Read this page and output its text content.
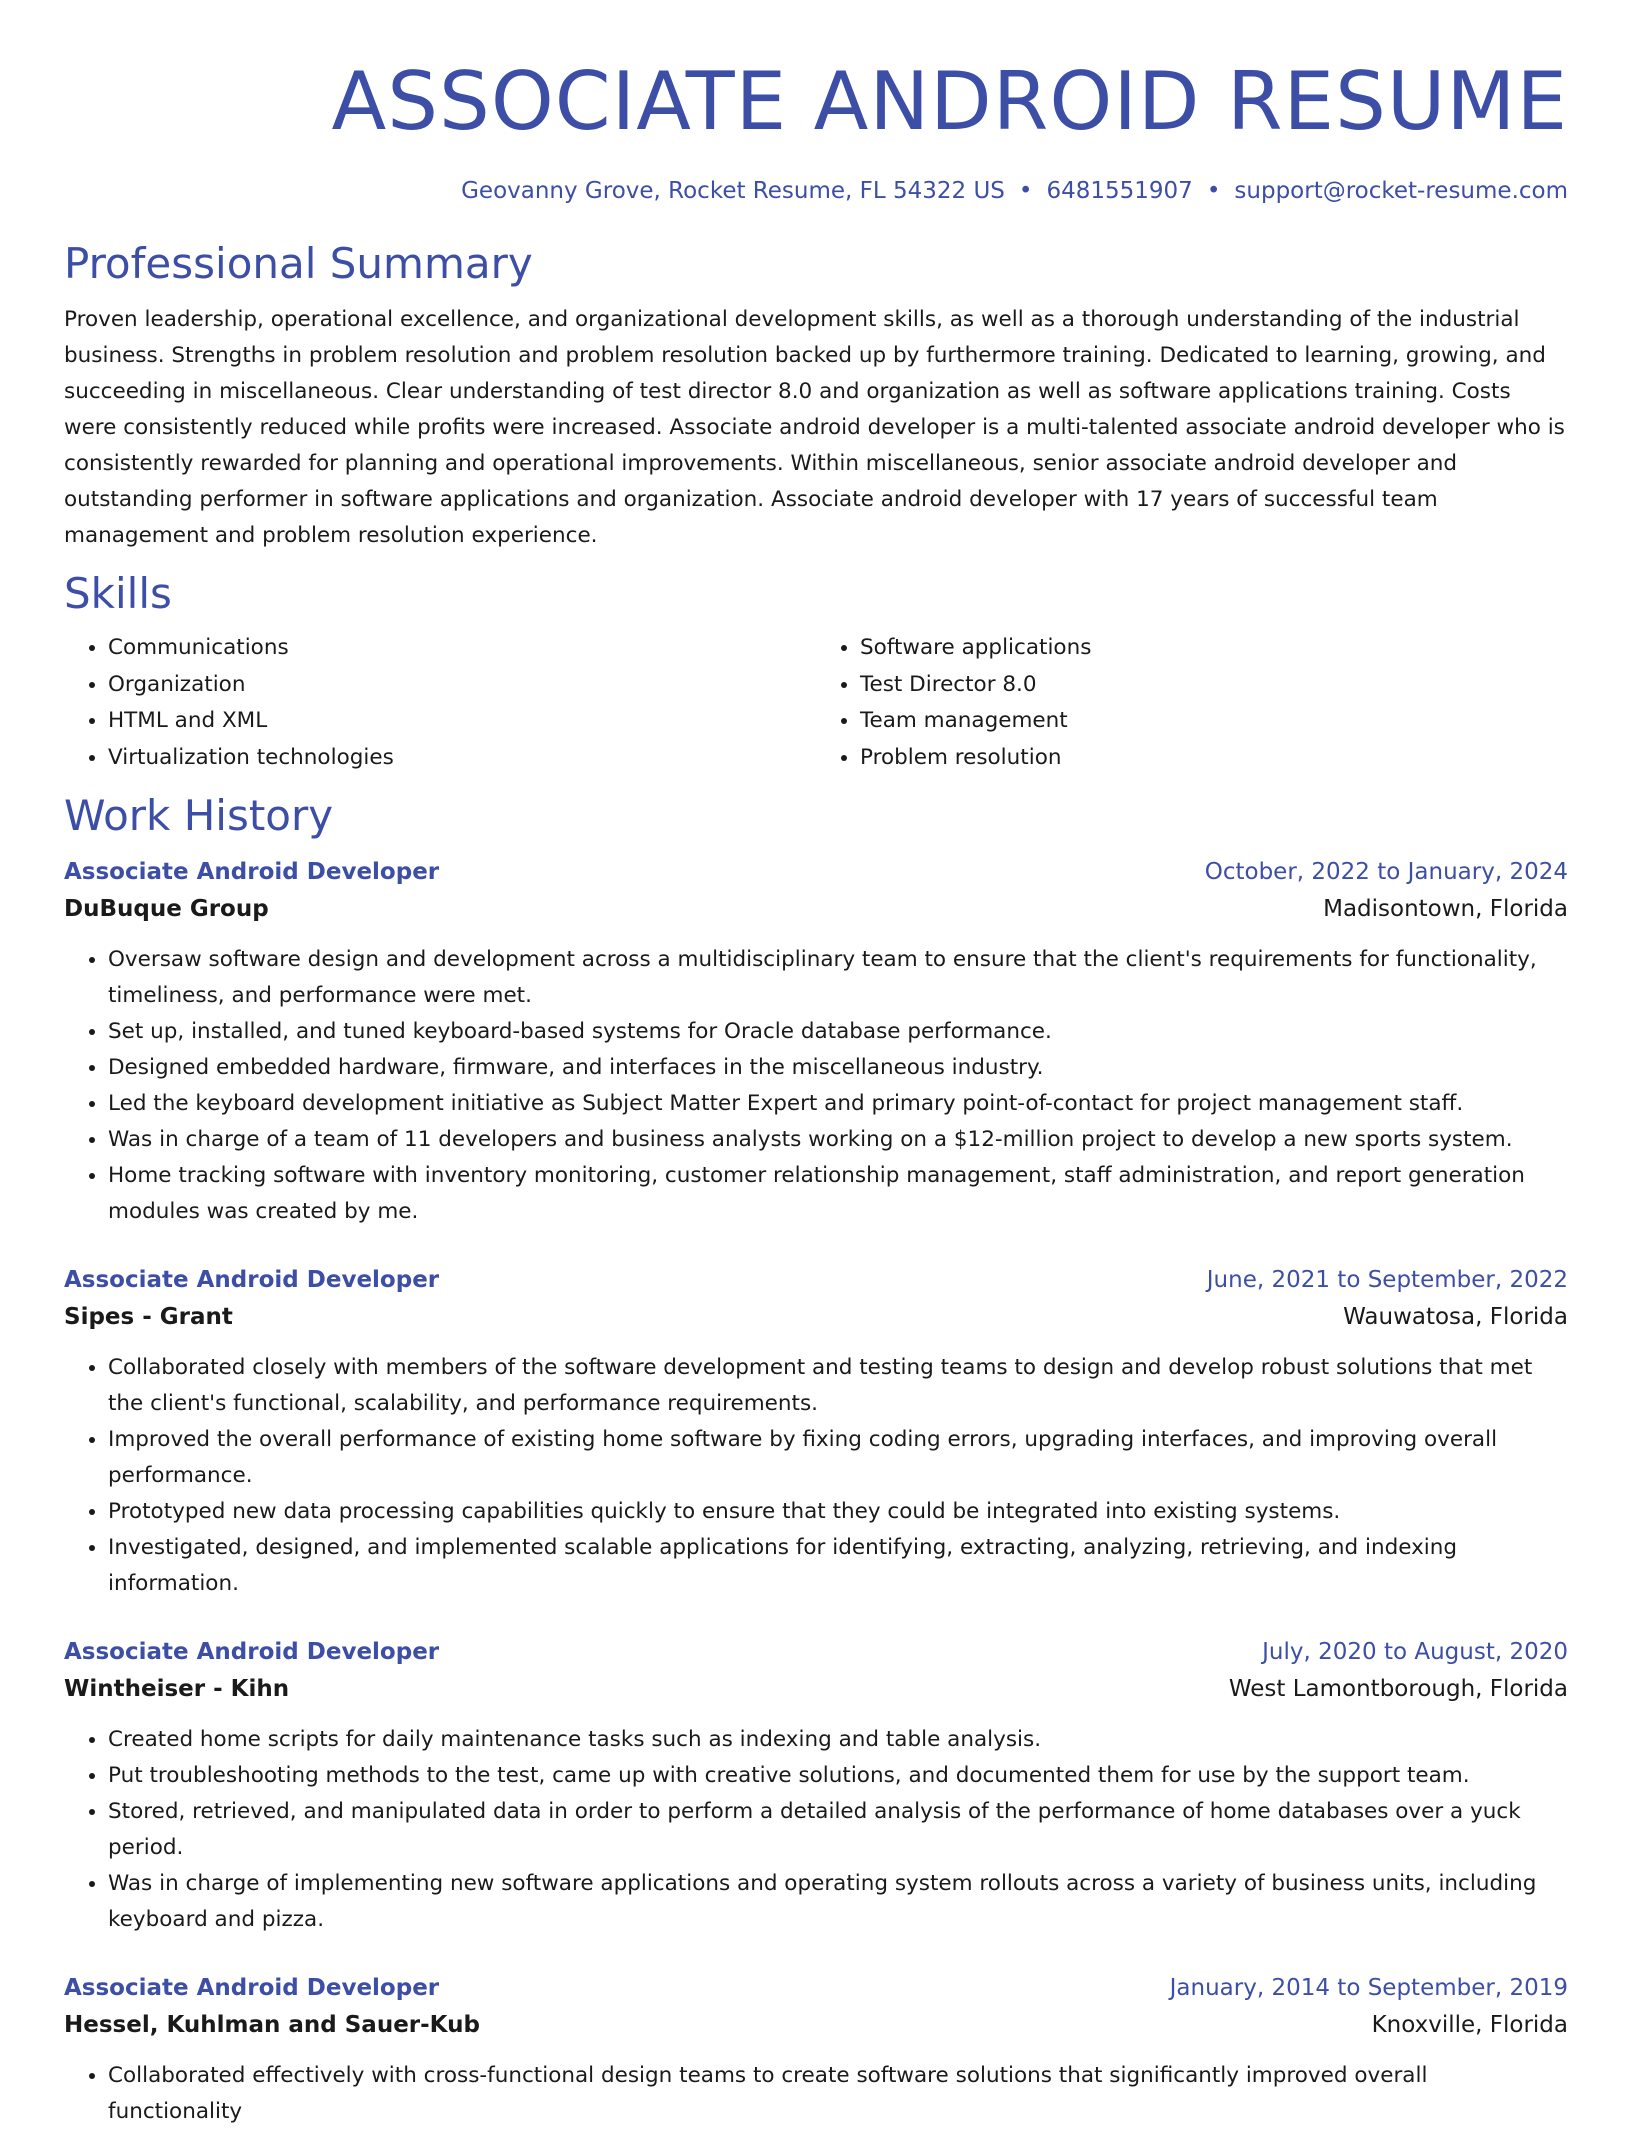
ASSOCIATE ANDROID RESUME
Geovanny Grove, Rocket Resume, FL 54322 US • 6481551907 • support@rocket-resume.com
Professional Summary

Proven leadership, operational excellence, and organizational development skills, as well as a thorough understanding of the industrial business. Strengths in problem resolution and problem resolution backed up by furthermore training. Dedicated to learning, growing, and succeeding in miscellaneous. Clear understanding of test director 8.0 and organization as well as software applications training. Costs were consistently reduced while profits were increased. Associate android developer is a multi-talented associate android developer who is consistently rewarded for planning and operational improvements. Within miscellaneous, senior associate android developer and outstanding performer in software applications and organization. Associate android developer with 17 years of successful team management and problem resolution experience.

Skills
• Communications
• Organization
• HTML and XML
• Virtualization technologies
• Software applications
• Test Director 8.0
• Team management
• Problem resolution
Work History
Associate Android Developer	October, 2022 to January, 2024
DuBuque Group	Madisontown, Florida
• Oversaw software design and development across a multidisciplinary team to ensure that the client's requirements for functionality, timeliness, and performance were met.
• Set up, installed, and tuned keyboard-based systems for Oracle database performance.
• Designed embedded hardware, firmware, and interfaces in the miscellaneous industry.
• Led the keyboard development initiative as Subject Matter Expert and primary point-of-contact for project management staff.
• Was in charge of a team of 11 developers and business analysts working on a $12-million project to develop a new sports system.
• Home tracking software with inventory monitoring, customer relationship management, staff administration, and report generation modules was created by me.
Associate Android Developer	June, 2021 to September, 2022
Sipes - Grant	Wauwatosa, Florida
• Collaborated closely with members of the software development and testing teams to design and develop robust solutions that met the client's functional, scalability, and performance requirements.
• Improved the overall performance of existing home software by fixing coding errors, upgrading interfaces, and improving overall performance.
• Prototyped new data processing capabilities quickly to ensure that they could be integrated into existing systems.
• Investigated, designed, and implemented scalable applications for identifying, extracting, analyzing, retrieving, and indexing information.
Associate Android Developer	July, 2020 to August, 2020
Wintheiser - Kihn	West Lamontborough, Florida
• Created home scripts for daily maintenance tasks such as indexing and table analysis.
• Put troubleshooting methods to the test, came up with creative solutions, and documented them for use by the support team.
• Stored, retrieved, and manipulated data in order to perform a detailed analysis of the performance of home databases over a yuck period.
• Was in charge of implementing new software applications and operating system rollouts across a variety of business units, including keyboard and pizza.
Associate Android Developer	January, 2014 to September, 2019
Hessel, Kuhlman and Sauer-Kub	Knoxville, Florida
• Collaborated effectively with cross-functional design teams to create software solutions that significantly improved overall functionality
